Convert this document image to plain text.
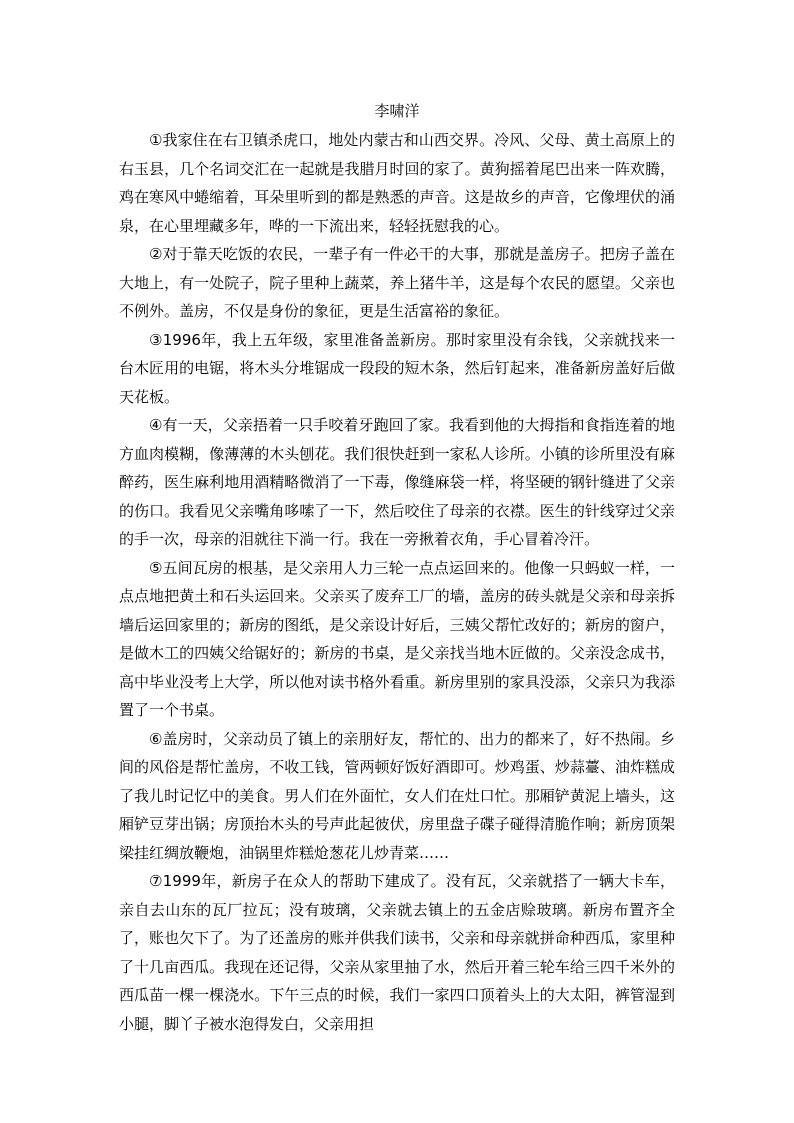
李啸洋

①我家住在右卫镇杀虎口，地处内蒙古和山西交界。冷风、父母、黄土高原上的右玉县，几个名词交汇在一起就是我腊月时回的家了。黄狗摇着尾巴出来一阵欢腾，鸡在寒风中蜷缩着，耳朵里听到的都是熟悉的声音。这是故乡的声音，它像埋伏的涌泉，在心里埋藏多年，哗的一下流出来，轻轻抚慰我的心。

②对于靠天吃饭的农民，一辈子有一件必干的大事，那就是盖房子。把房子盖在大地上，有一处院子，院子里种上蔬菜，养上猪牛羊，这是每个农民的愿望。父亲也不例外。盖房，不仅是身份的象征，更是生活富裕的象征。

③1996年，我上五年级，家里准备盖新房。那时家里没有余钱，父亲就找来一台木匠用的电锯，将木头分堆锯成一段段的短木条，然后钉起来，准备新房盖好后做天花板。

④有一天，父亲捂着一只手咬着牙跑回了家。我看到他的大拇指和食指连着的地方血肉模糊，像薄薄的木头刨花。我们很快赶到一家私人诊所。小镇的诊所里没有麻醉药，医生麻利地用酒精略微消了一下毒，像缝麻袋一样，将坚硬的钢针缝进了父亲的伤口。我看见父亲嘴角哆嗦了一下，然后咬住了母亲的衣襟。医生的针线穿过父亲的手一次，母亲的泪就往下淌一行。我在一旁揪着衣角，手心冒着冷汗。

⑤五间瓦房的根基，是父亲用人力三轮一点点运回来的。他像一只蚂蚁一样，一点点地把黄土和石头运回来。父亲买了废弃工厂的墙，盖房的砖头就是父亲和母亲拆墙后运回家里的；新房的图纸，是父亲设计好后，三姨父帮忙改好的；新房的窗户，是做木工的四姨父给锯好的；新房的书桌，是父亲找当地木匠做的。父亲没念成书，高中毕业没考上大学，所以他对读书格外看重。新房里别的家具没添，父亲只为我添置了一个书桌。

⑥盖房时，父亲动员了镇上的亲朋好友，帮忙的、出力的都来了，好不热闹。乡间的风俗是帮忙盖房，不收工钱，管两顿好饭好酒即可。炒鸡蛋、炒蒜薹、油炸糕成了我儿时记忆中的美食。男人们在外面忙，女人们在灶口忙。那厢铲黄泥上墙头，这厢铲豆芽出锅；房顶抬木头的号声此起彼伏，房里盘子碟子碰得清脆作响；新房顶架梁挂红绸放鞭炮，油锅里炸糕炝葱花儿炒青菜……

⑦1999年，新房子在众人的帮助下建成了。没有瓦，父亲就搭了一辆大卡车，亲自去山东的瓦厂拉瓦；没有玻璃，父亲就去镇上的五金店赊玻璃。新房布置齐全了，账也欠下了。为了还盖房的账并供我们读书，父亲和母亲就拼命种西瓜，家里种了十几亩西瓜。我现在还记得，父亲从家里抽了水，然后开着三轮车给三四千米外的西瓜苗一棵一棵浇水。下午三点的时候，我们一家四口顶着头上的大太阳，裤管湿到小腿，脚丫子被水泡得发白，父亲用担
